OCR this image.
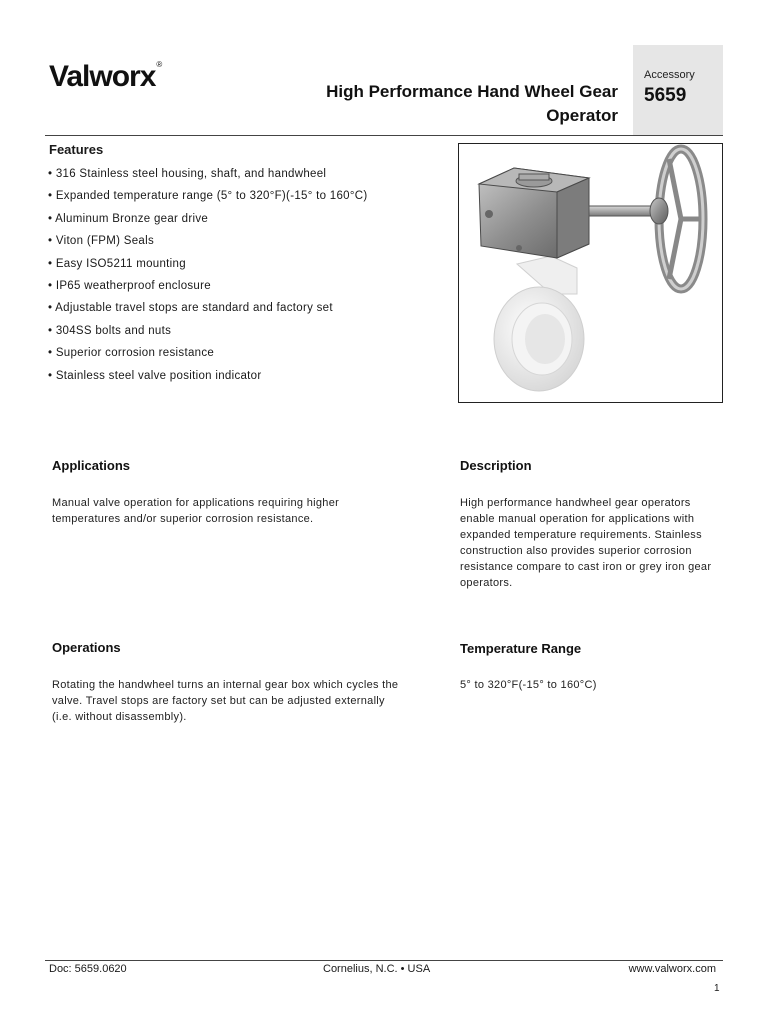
Valworx®
High Performance Hand Wheel Gear
Operator
Accessory
5659
Features
• 316 Stainless steel housing, shaft, and handwheel
• Expanded temperature range (5° to 320°F)(-15° to 160°C)
• Aluminum Bronze gear drive
• Viton (FPM) Seals
• Easy ISO5211 mounting
• IP65 weatherproof enclosure
• Adjustable travel stops are standard and factory set
• 304SS bolts and nuts
• Superior corrosion resistance
• Stainless steel valve position indicator
Applications
Manual valve operation for applications requiring higher temperatures and/or superior corrosion resistance.
Description
High performance handwheel gear operators enable manual operation for applications with expanded temperature requirements. Stainless construction also provides superior corrosion resistance compare to cast iron or grey iron gear operators.
Operations
Rotating the handwheel turns an internal gear box which cycles the valve. Travel stops are factory set but can be adjusted externally (i.e. without disassembly).
Temperature Range
5° to 320°F(-15° to 160°C)
Doc: 5659.0620	Cornelius, N.C. • USA	www.valworx.com
1
